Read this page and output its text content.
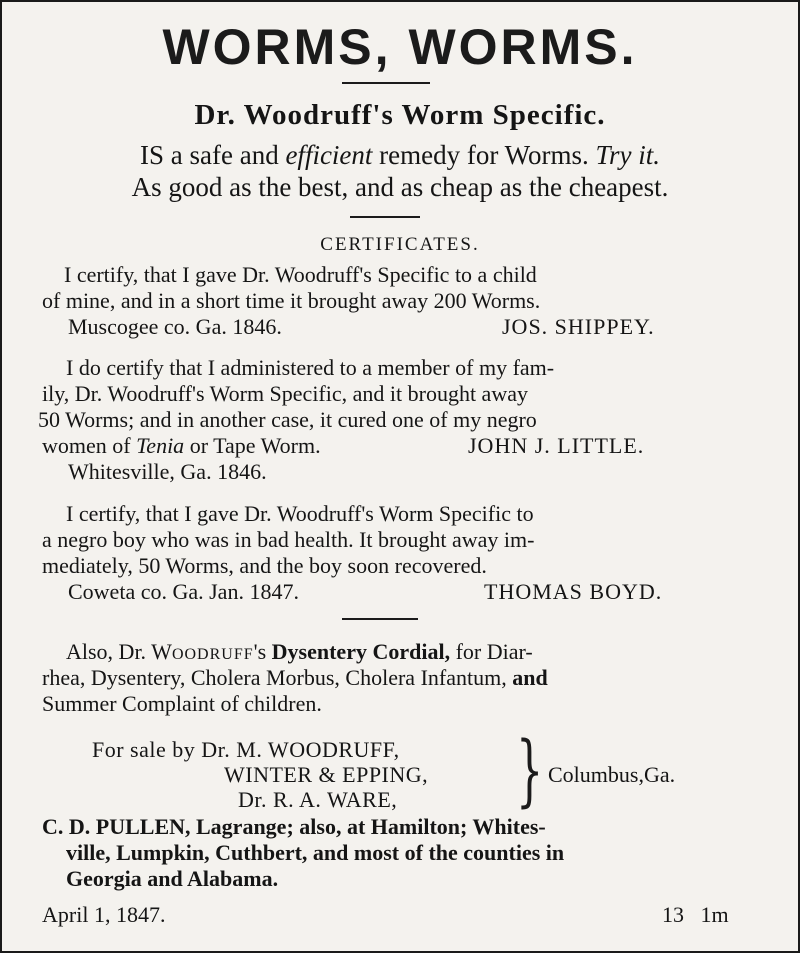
WORMS, WORMS.
Dr. Woodruff's Worm Specific.
IS a safe and efficient remedy for Worms. Try it.
As good as the best, and as cheap as the cheapest.
CERTIFICATES.
I certify, that I gave Dr. Woodruff's Specific to a child
of mine, and in a short time it brought away 200 Worms.
Muscogee co. Ga. 1846.	JOS. SHIPPEY.
I do certify that I administered to a member of my fam-
ily, Dr. Woodruff's Worm Specific, and it brought away
50 Worms; and in another case, it cured one of my negro
women of Tenia or Tape Worm.	JOHN J. LITTLE.
Whitesville, Ga. 1846.
I certify, that I gave Dr. Woodruff's Worm Specific to
a negro boy who was in bad health. It brought away im-
mediately, 50 Worms, and the boy soon recovered.
Coweta co. Ga. Jan. 1847.	THOMAS BOYD.
Also, Dr. WOODRUFF's Dysentery Cordial, for Diar-
rhea, Dysentery, Cholera Morbus, Cholera Infantum, and
Summer Complaint of children.
For sale by Dr. M. WOODRUFF,
WINTER & EPPING,
Dr. R. A. WARE, } Columbus,Ga.
C. D. PULLEN, Lagrange; also, at Hamilton; Whites-
ville, Lumpkin, Cuthbert, and most of the counties in
Georgia and Alabama.
April 1, 1847.	13   1m
